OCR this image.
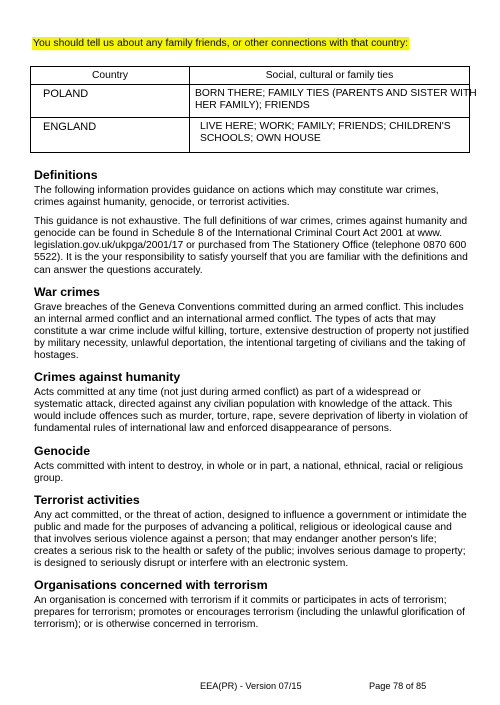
You should tell us about any family friends, or other connections with that country:
Country	Social, cultural or family ties
POLAND	BORN THERE; FAMILY TIES (PARENTS AND SISTER WITH HER FAMILY); FRIENDS

ENGLAND	LIVE HERE; WORK; FAMILY; FRIENDS; CHILDREN'S SCHOOLS; OWN HOUSE
Definitions

The following information provides guidance on actions which may constitute war crimes, crimes against humanity, genocide, or terrorist activities.

This guidance is not exhaustive. The full definitions of war crimes, crimes against humanity and genocide can be found in Schedule 8 of the International Criminal Court Act 2001 at www. legislation.gov.uk/ukpga/2001/17 or purchased from The Stationery Office (telephone 0870 600 5522). It is the your responsibility to satisfy yourself that you are familiar with the definitions and can answer the questions accurately.

War crimes

Grave breaches of the Geneva Conventions committed during an armed conflict. This includes an internal armed conflict and an international armed conflict. The types of acts that may constitute a war crime include wilful killing, torture, extensive destruction of property not justified by military necessity, unlawful deportation, the intentional targeting of civilians and the taking of hostages.

Crimes against humanity

Acts committed at any time (not just during armed conflict) as part of a widespread or systematic attack, directed against any civilian population with knowledge of the attack. This would include offences such as murder, torture, rape, severe deprivation of liberty in violation of fundamental rules of international law and enforced disappearance of persons.

Genocide

Acts committed with intent to destroy, in whole or in part, a national, ethnical, racial or religious group.

Terrorist activities

Any act committed, or the threat of action, designed to influence a government or intimidate the public and made for the purposes of advancing a political, religious or ideological cause and that involves serious violence against a person; that may endanger another person's life; creates a serious risk to the health or safety of the public; involves serious damage to property; is designed to seriously disrupt or interfere with an electronic system.

Organisations concerned with terrorism

An organisation is concerned with terrorism if it commits or participates in acts of terrorism; prepares for terrorism; promotes or encourages terrorism (including the unlawful glorification of terrorism); or is otherwise concerned in terrorism.

EEA(PR) - Version 07/15	Page 78 of 85
